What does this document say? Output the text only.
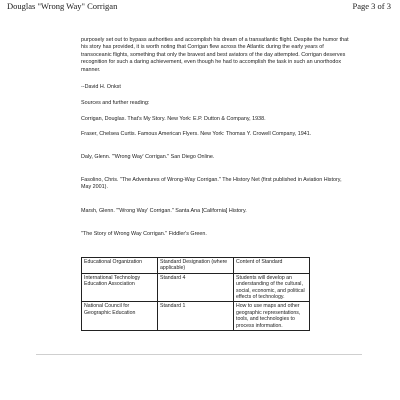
Douglas "Wrong Way" Corrigan	Page 3 of 3

purposely set out to bypass authorities and accomplish his dream of a transatlantic flight. Despite the humor that his story has provided, it is worth noting that Corrigan flew across the Atlantic during the early years of transoceanic flights, something that only the bravest and best aviators of the day attempted. Corrigan deserves recognition for such a daring achievement, even though he had to accomplish the task in such an unorthodox manner.

--David H. Onkst
Sources and further reading:
Corrigan, Douglas. That's My Story. New York: E.P. Dutton & Company, 1938.
Fraser, Chelsea Curtis. Famous American Flyers. New York: Thomas Y. Crowell Company, 1941.
Daly, Glenn. "'Wrong Way' Corrigan." San Diego Online.
Fasolino, Chris. "The Adventures of Wrong-Way Corrigan." The History Net (first published in Aviation History, May 2001).
Marsh, Glenn. "'Wrong Way' Corrigan." Santa Ana [California] History.
"The Story of Wrong Way Corrigan." Fiddler's Green.
Educational Organization	Standard Designation (where applicable)	Content of Standard
International Technology Education Association	Standard 4	Students will develop an understanding of the cultural, social, economic, and political effects of technology.
National Council for Geographic Education	Standard 1	How to use maps and other geographic representations, tools, and technologies to process information.
